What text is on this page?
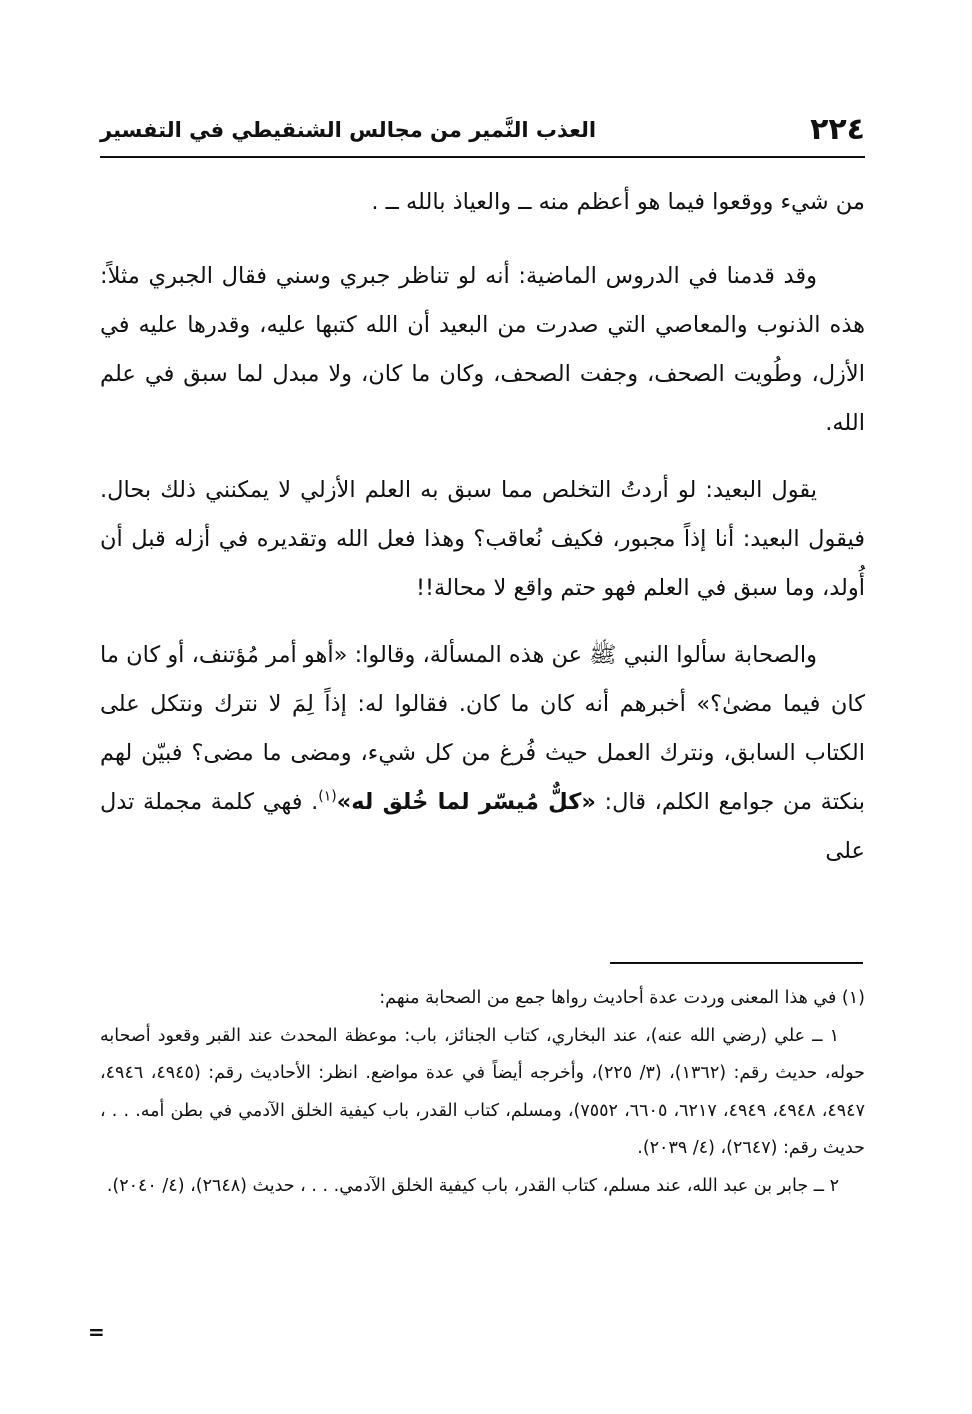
٢٢٤
العذب النَّمير من مجالس الشنقيطي في التفسير

من شيء ووقعوا فيما هو أعظم منه ــ والعياذ بالله ــ .

وقد قدمنا في الدروس الماضية: أنه لو تناظر جبري وسني فقال الجبري مثلاً: هذه الذنوب والمعاصي التي صدرت من البعيد أن الله كتبها عليه، وقدرها عليه في الأزل، وطُويت الصحف، وجفت الصحف، وكان ما كان، ولا مبدل لما سبق في علم الله.

يقول البعيد: لو أردتُ التخلص مما سبق به العلم الأزلي لا يمكنني ذلك بحال. فيقول البعيد: أنا إذاً مجبور، فكيف نُعاقب؟ وهذا فعل الله وتقديره في أزله قبل أن أُولد، وما سبق في العلم فهو حتم واقع لا محالة!!

والصحابة سألوا النبي ﷺ عن هذه المسألة، وقالوا: «أهو أمر مُؤتنف، أو كان ما كان فيما مضىٰ؟» أخبرهم أنه كان ما كان. فقالوا له: إذاً لِمَ لا نترك ونتكل على الكتاب السابق، ونترك العمل حيث فُرغ من كل شيء، ومضى ما مضى؟ فبيّن لهم بنكتة من جوامع الكلم، قال: «كلٌّ مُيسّر لما خُلق له»$^{(١)}$. فهي كلمة مجملة تدل على

(١) في هذا المعنى وردت عدة أحاديث رواها جمع من الصحابة منهم:

١ ــ علي (رضي الله عنه)، عند البخاري، كتاب الجنائز، باب: موعظة المحدث عند القبر وقعود أصحابه حوله، حديث رقم: (١٣٦٢)، (٣/ ٢٢٥)، وأخرجه أيضاً في عدة مواضع. انظر: الأحاديث رقم: (٤٩٤٥، ٤٩٤٦، ٤٩٤٧، ٤٩٤٨، ٤٩٤٩، ٦٢١٧، ٦٦٠٥، ٧٥٥٢)، ومسلم، كتاب القدر، باب كيفية الخلق الآدمي في بطن أمه. . . ، حديث رقم: (٢٦٤٧)، (٤/ ٢٠٣٩).

٢ ــ جابر بن عبد الله، عند مسلم، كتاب القدر، باب كيفية الخلق الآدمي. . . ، حديث (٢٦٤٨)، (٤/ ٢٠٤٠).

=
